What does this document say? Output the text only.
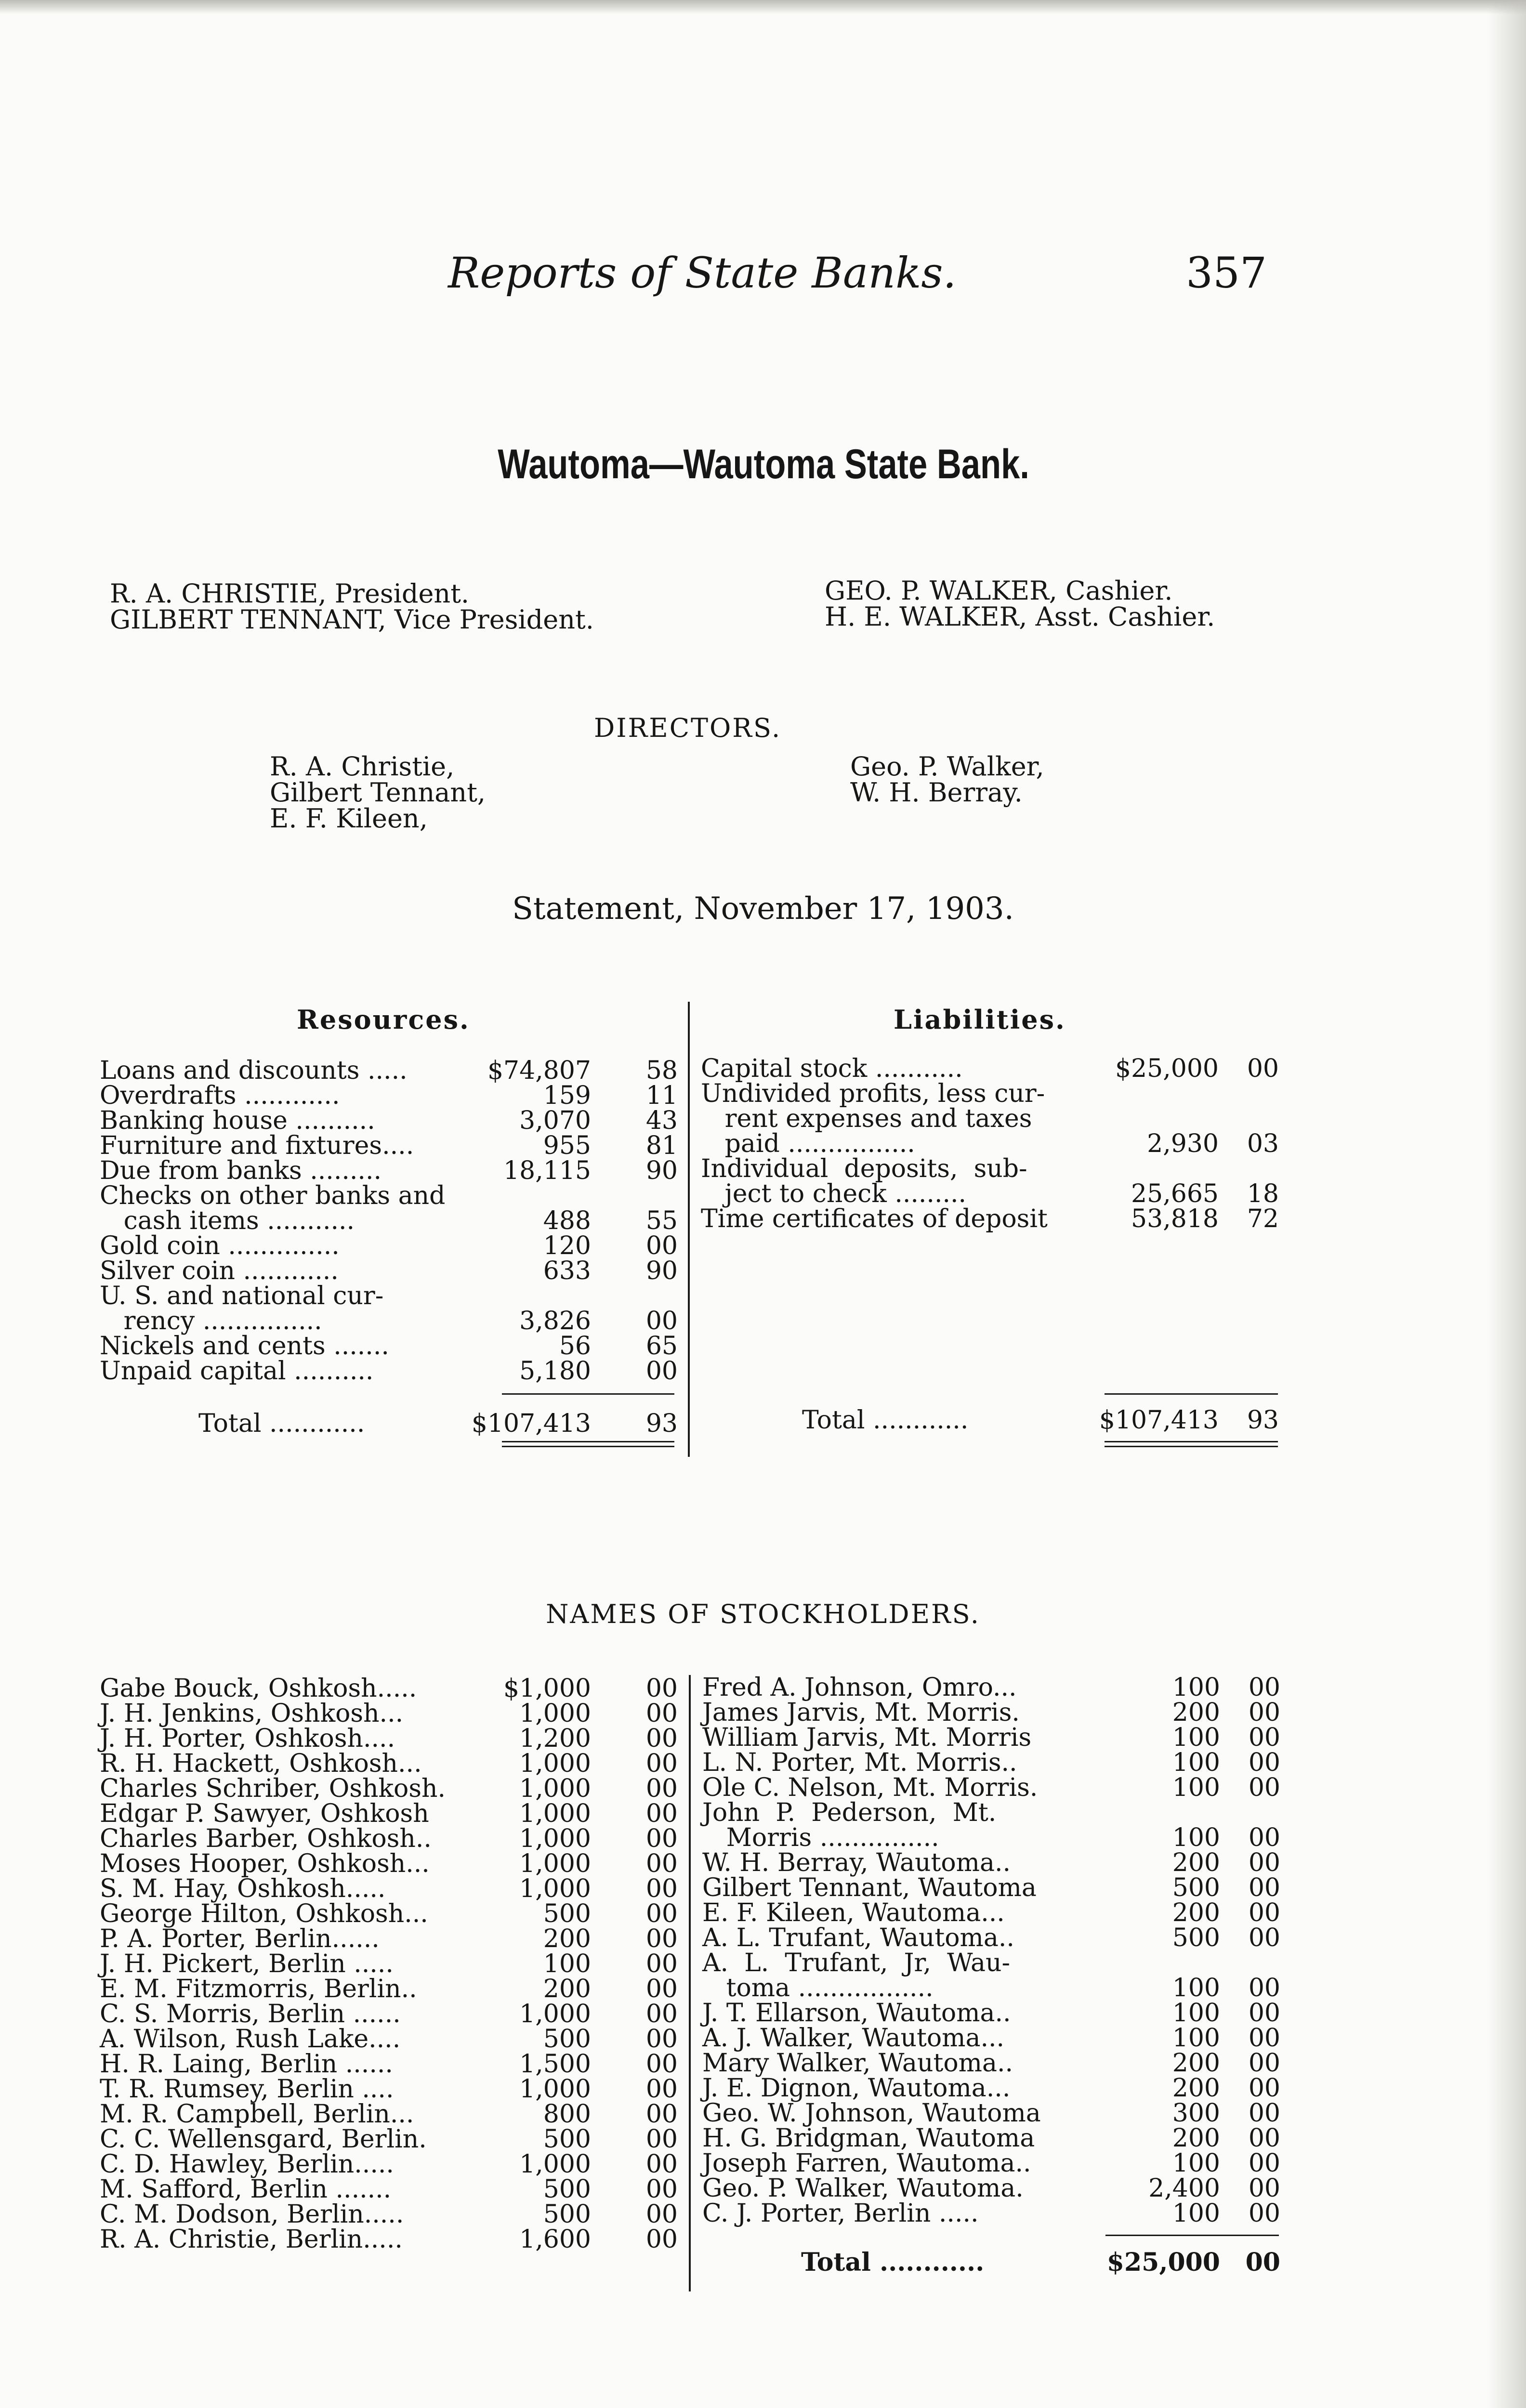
Reports of State Banks.	357
Wautoma—Wautoma State Bank.
R. A. CHRISTIE, President.
GILBERT TENNANT, Vice President.
GEO. P. WALKER, Cashier.
H. E. WALKER, Asst. Cashier.
DIRECTORS.
R. A. Christie,
Gilbert Tennant,
E. F. Kileen,
Geo. P. Walker,
W. H. Berray.
Statement, November 17, 1903.
Resources.	Liabilities.
Loans and discounts .....	$74,807 58
Overdrafts ............	159 11
Banking house ..........	3,070 43
Furniture and fixtures....	955 81
Due from banks .........	18,115 90
Checks on other banks and
cash items ...........	488 55
Gold coin ..............	120 00
Silver coin ............	633 90
U. S. and national cur-
rency ...............	3,826 00
Nickels and cents .......	56 65
Unpaid capital ..........	5,180 00
Capital stock ...........	$25,000 00
Undivided profits, less cur-
rent expenses and taxes
paid ................	2,930 03
Individual  deposits,  sub-
ject to check .........	25,665 18
Time certificates of deposit	53,818 72
Total ............	$107,413 93	Total ............	$107,413 93
NAMES OF STOCKHOLDERS.
Gabe Bouck, Oshkosh.....	$1,000 00
J. H. Jenkins, Oshkosh...	1,000 00
J. H. Porter, Oshkosh....	1,200 00
R. H. Hackett, Oshkosh...	1,000 00
Charles Schriber, Oshkosh.	1,000 00
Edgar P. Sawyer, Oshkosh	1,000 00
Charles Barber, Oshkosh..	1,000 00
Moses Hooper, Oshkosh...	1,000 00
S. M. Hay, Oshkosh.....	1,000 00
George Hilton, Oshkosh...	500 00
P. A. Porter, Berlin......	200 00
J. H. Pickert, Berlin .....	100 00
E. M. Fitzmorris, Berlin..	200 00
C. S. Morris, Berlin ......	1,000 00
A. Wilson, Rush Lake....	500 00
H. R. Laing, Berlin ......	1,500 00
T. R. Rumsey, Berlin ....	1,000 00
M. R. Campbell, Berlin...	800 00
C. C. Wellensgard, Berlin.	500 00
C. D. Hawley, Berlin.....	1,000 00
M. Safford, Berlin .......	500 00
C. M. Dodson, Berlin.....	500 00
R. A. Christie, Berlin.....	1,600 00
Fred A. Johnson, Omro...	100 00
James Jarvis, Mt. Morris.	200 00
William Jarvis, Mt. Morris	100 00
L. N. Porter, Mt. Morris..	100 00
Ole C. Nelson, Mt. Morris.	100 00
John  P.  Pederson,  Mt.
Morris ...............	100 00
W. H. Berray, Wautoma..	200 00
Gilbert Tennant, Wautoma	500 00
E. F. Kileen, Wautoma...	200 00
A. L. Trufant, Wautoma..	500 00
A.  L.  Trufant,  Jr,  Wau-
toma .................	100 00
J. T. Ellarson, Wautoma..	100 00
A. J. Walker, Wautoma...	100 00
Mary Walker, Wautoma..	200 00
J. E. Dignon, Wautoma...	200 00
Geo. W. Johnson, Wautoma	300 00
H. G. Bridgman, Wautoma	200 00
Joseph Farren, Wautoma..	100 00
Geo. P. Walker, Wautoma.	2,400 00
C. J. Porter, Berlin .....	100 00
Total ............	$25,000 00
